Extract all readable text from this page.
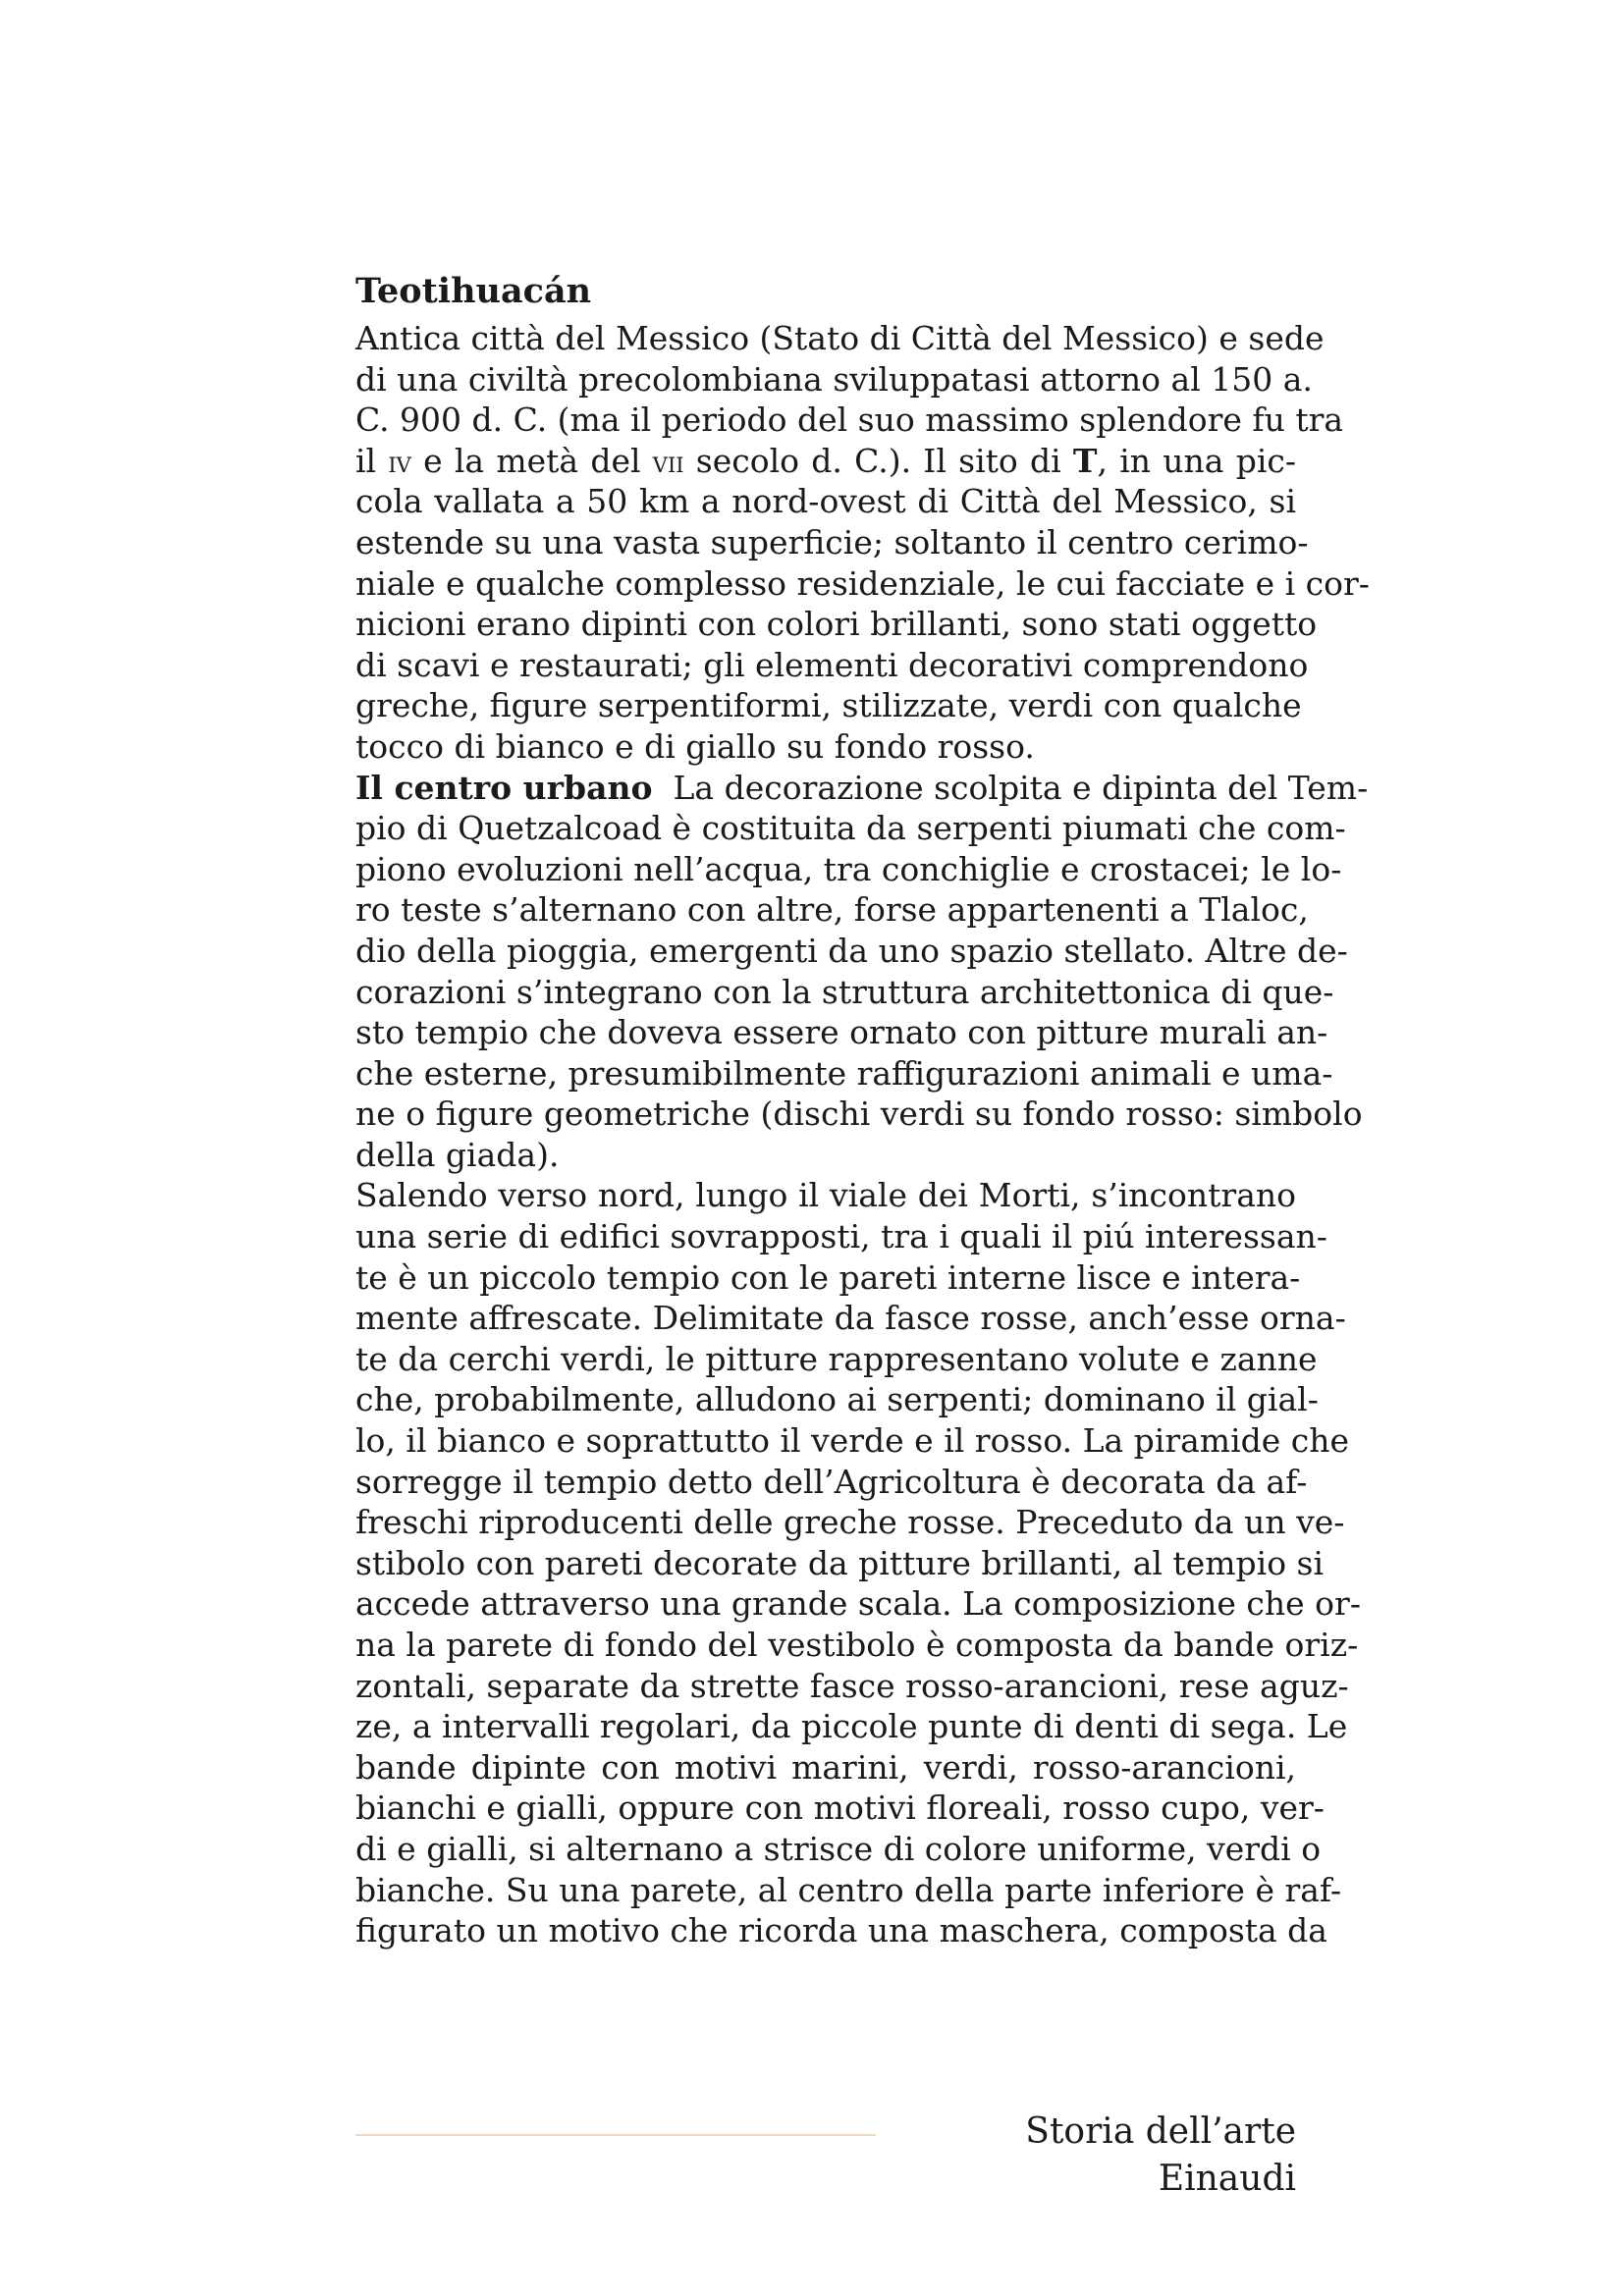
Teotihuacán
Antica città del Messico (Stato di Città del Messico) e sede
di una civiltà precolombiana sviluppatasi attorno al 150 a.
C. 900 d. C. (ma il periodo del suo massimo splendore fu tra
il iv e la metà del vii secolo d. C.). Il sito di T, in una pic-
cola vallata a 50 km a nord-ovest di Città del Messico, si
estende su una vasta superficie; soltanto il centro cerimo-
niale e qualche complesso residenziale, le cui facciate e i cor-
nicioni erano dipinti con colori brillanti, sono stati oggetto
di scavi e restaurati; gli elementi decorativi comprendono
greche, figure serpentiformi, stilizzate, verdi con qualche
tocco di bianco e di giallo su fondo rosso.
Il centro urbano La decorazione scolpita e dipinta del Tem-
pio di Quetzalcoad è costituita da serpenti piumati che com-
piono evoluzioni nell’acqua, tra conchiglie e crostacei; le lo-
ro teste s’alternano con altre, forse appartenenti a Tlaloc,
dio della pioggia, emergenti da uno spazio stellato. Altre de-
corazioni s’integrano con la struttura architettonica di que-
sto tempio che doveva essere ornato con pitture murali an-
che esterne, presumibilmente raffigurazioni animali e uma-
ne o figure geometriche (dischi verdi su fondo rosso: simbolo
della giada).
Salendo verso nord, lungo il viale dei Morti, s’incontrano
una serie di edifici sovrapposti, tra i quali il piú interessan-
te è un piccolo tempio con le pareti interne lisce e intera-
mente affrescate. Delimitate da fasce rosse, anch’esse orna-
te da cerchi verdi, le pitture rappresentano volute e zanne
che, probabilmente, alludono ai serpenti; dominano il gial-
lo, il bianco e soprattutto il verde e il rosso. La piramide che
sorregge il tempio detto dell’Agricoltura è decorata da af-
freschi riproducenti delle greche rosse. Preceduto da un ve-
stibolo con pareti decorate da pitture brillanti, al tempio si
accede attraverso una grande scala. La composizione che or-
na la parete di fondo del vestibolo è composta da bande oriz-
zontali, separate da strette fasce rosso-arancioni, rese aguz-
ze, a intervalli regolari, da piccole punte di denti di sega. Le
bande dipinte con motivi marini, verdi, rosso-arancioni,
bianchi e gialli, oppure con motivi floreali, rosso cupo, ver-
di e gialli, si alternano a strisce di colore uniforme, verdi o
bianche. Su una parete, al centro della parte inferiore è raf-
figurato un motivo che ricorda una maschera, composta da
Storia dell’arte Einaudi
